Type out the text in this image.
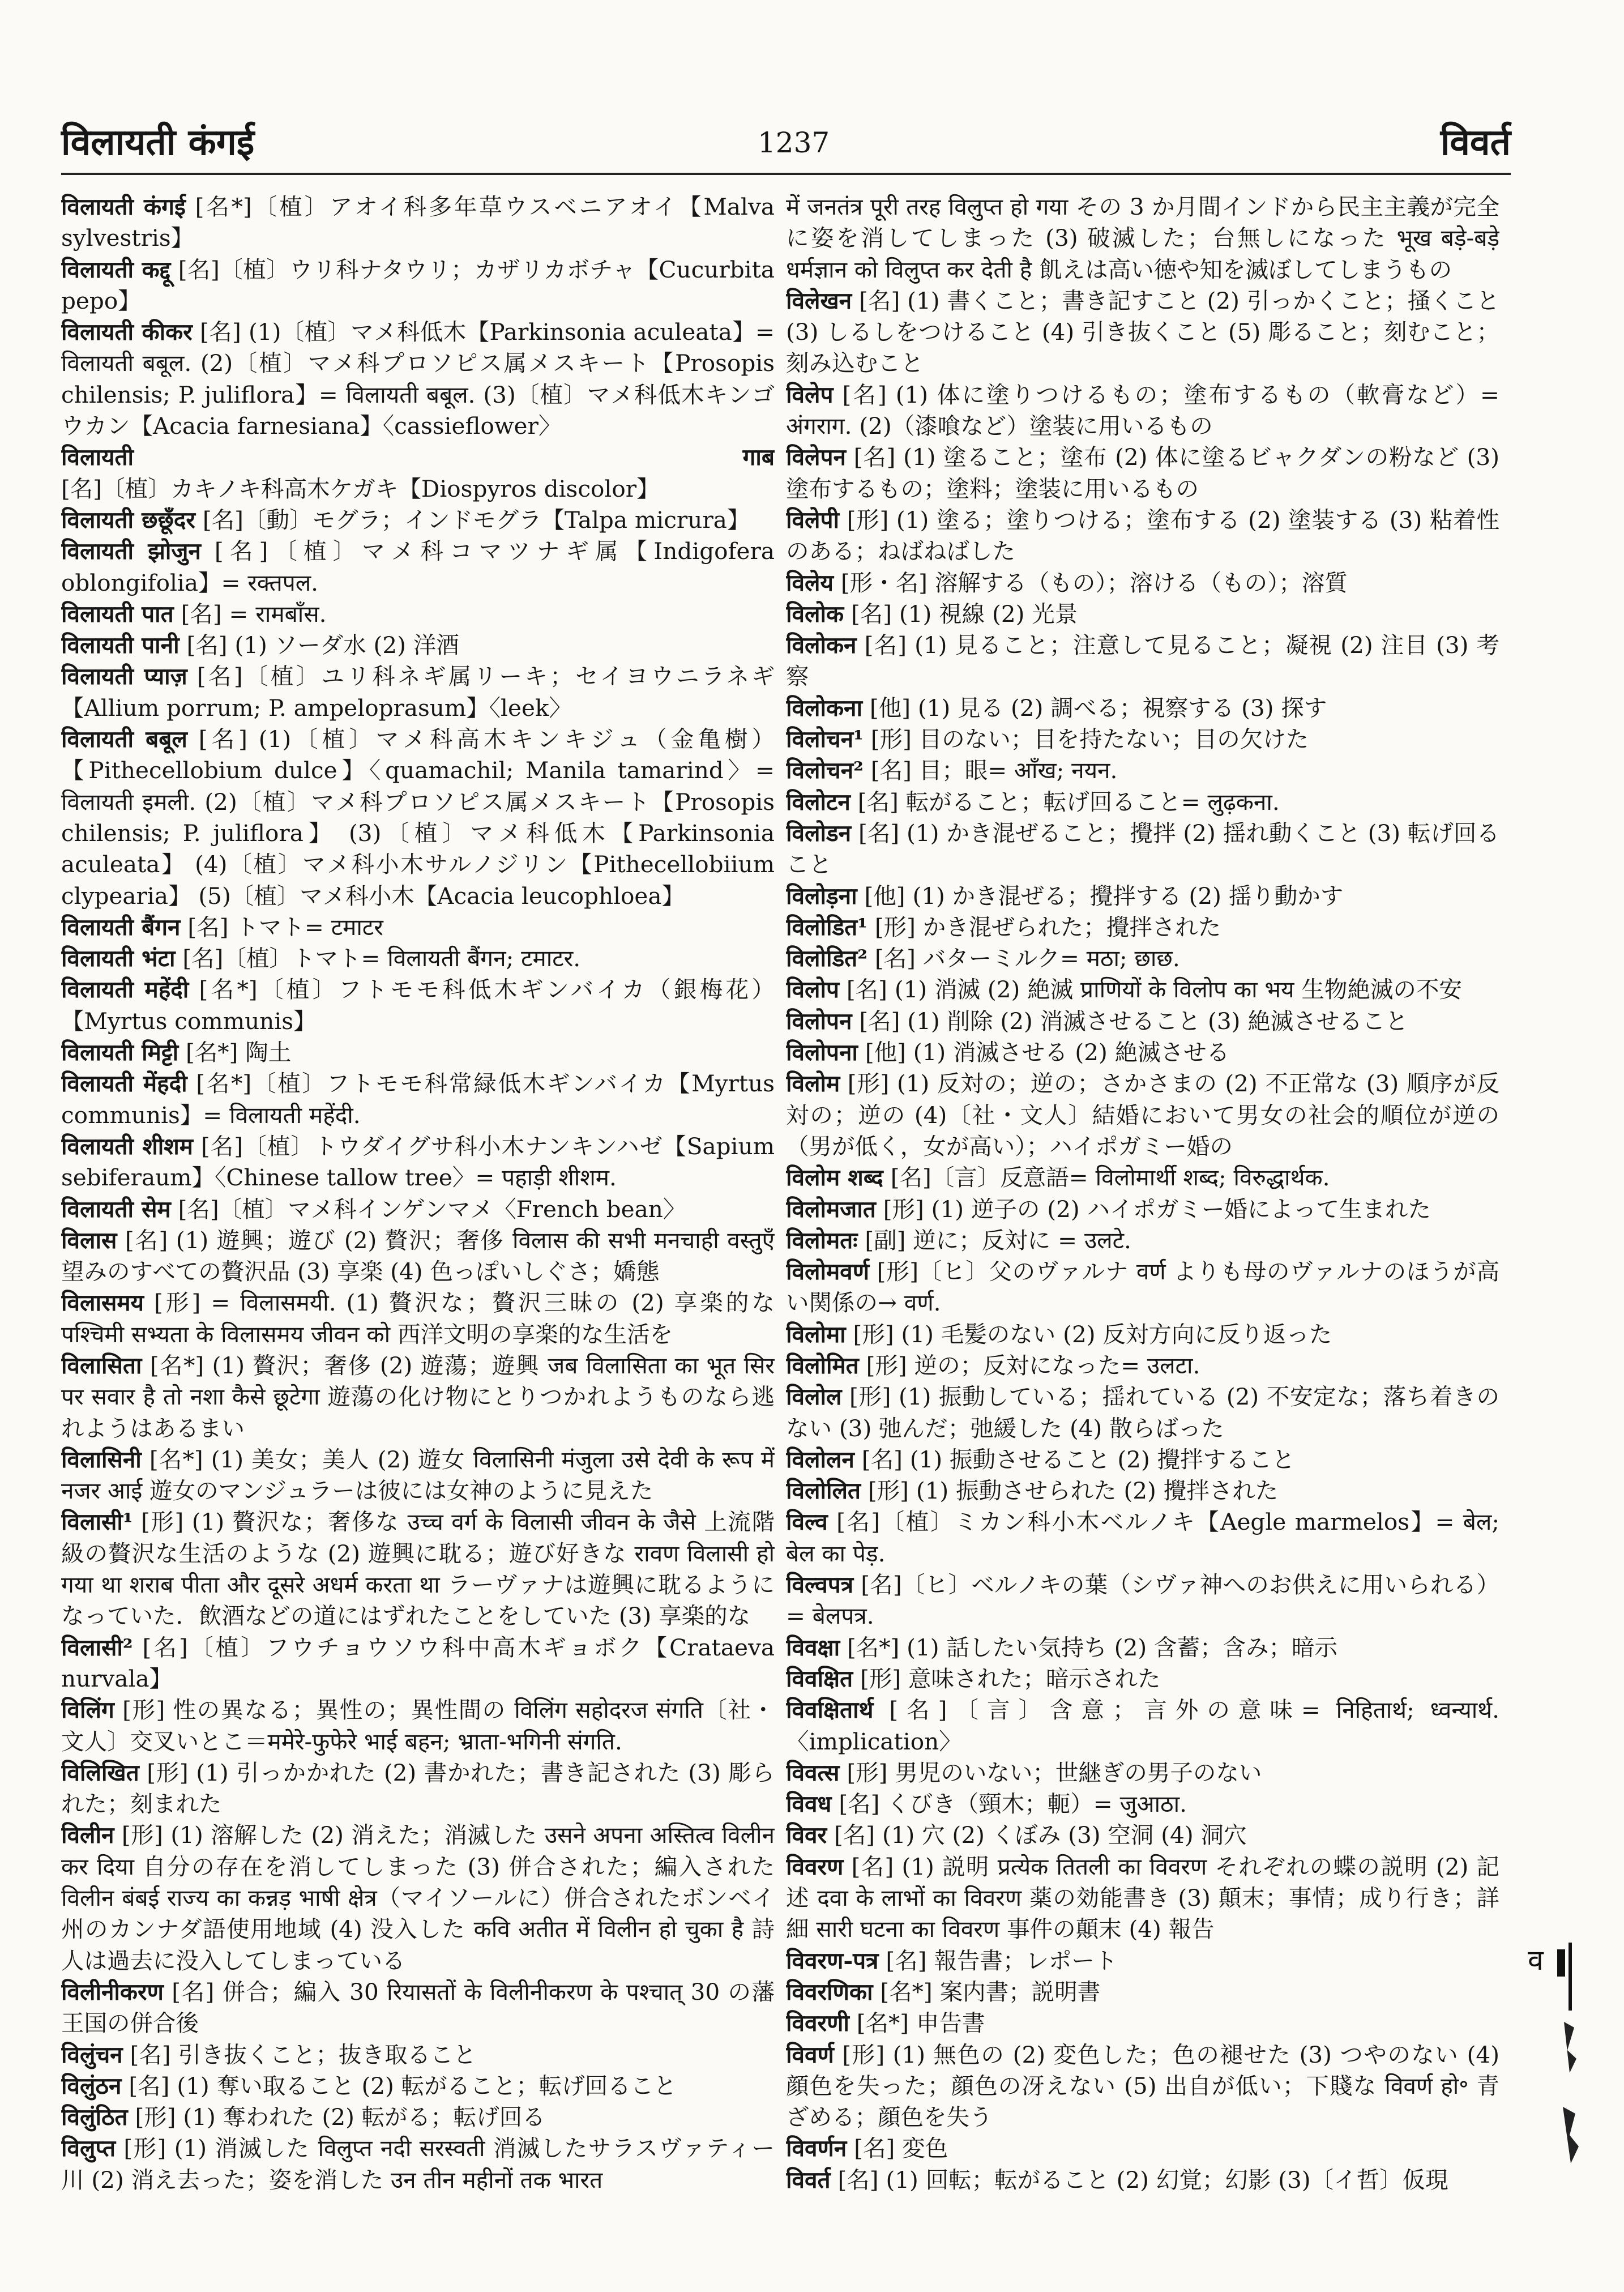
विलायती कंगई	1237	विवर्त

विलायती कंगई [名*]〔植〕アオイ科多年草ウスベニアオイ【Malva sylvestris】

विलायती कद्दू [名]〔植〕ウリ科ナタウリ；カザリカボチャ【Cucurbita pepo】

विलायती कीकर [名] (1)〔植〕マメ科低木【Parkinsonia aculeata】= विलायती बबूल. (2)〔植〕マメ科プロソピス属メスキート【Prosopis chilensis; P. juliflora】= विलायती बबूल. (3)〔植〕マメ科低木キンゴウカン【Acacia farnesiana】〈cassieflower〉

विलायती गाब [名]〔植〕カキノキ科高木ケガキ【Diospyros discolor】

विलायती छछूँदर [名]〔動〕モグラ；インドモグラ【Talpa micrura】

विलायती झोजुन [名]〔植〕マメ科コマツナギ属【Indigofera oblongifolia】= रक्तपल.

विलायती पात [名] = रामबाँस.

विलायती पानी [名] (1) ソーダ水 (2) 洋酒

विलायती प्याज़ [名]〔植〕ユリ科ネギ属リーキ；セイヨウニラネギ【Allium porrum; P. ampeloprasum】〈leek〉

विलायती बबूल [名] (1)〔植〕マメ科高木キンキジュ（金亀樹）【Pithecellobium dulce】〈quamachil; Manila tamarind〉= विलायती इमली. (2)〔植〕マメ科プロソピス属メスキート【Prosopis chilensis; P. juliflora】 (3)〔植〕マメ科低木【Parkinsonia aculeata】 (4)〔植〕マメ科小木サルノジリン【Pithecellobiium clypearia】 (5)〔植〕マメ科小木【Acacia leucophloea】

विलायती बैंगन [名] トマト= टमाटर

विलायती भंटा [名]〔植〕トマト= विलायती बैंगन; टमाटर.

विलायती महेंदी [名*]〔植〕フトモモ科低木ギンバイカ（銀梅花）【Myrtus communis】

विलायती मिट्टी [名*] 陶土

विलायती मेंहदी [名*]〔植〕フトモモ科常緑低木ギンバイカ【Myrtus communis】= विलायती महेंदी.

विलायती शीशम [名]〔植〕トウダイグサ科小木ナンキンハゼ【Sapium sebiferaum】〈Chinese tallow tree〉= पहाड़ी शीशम.

विलायती सेम [名]〔植〕マメ科インゲンマメ〈French bean〉

विलास [名] (1) 遊興；遊び (2) 贅沢；奢侈 विलास की सभी मनचाही वस्तुएँ 望みのすべての贅沢品 (3) 享楽 (4) 色っぽいしぐさ；嬌態

विलासमय [形] = विलासमयी. (1) 贅沢な；贅沢三昧の (2) 享楽的な पश्चिमी सभ्यता के विलासमय जीवन को 西洋文明の享楽的な生活を

विलासिता [名*] (1) 贅沢；奢侈 (2) 遊蕩；遊興 जब विलासिता का भूत सिर पर सवार है तो नशा कैसे छूटेगा 遊蕩の化け物にとりつかれようものなら逃れようはあるまい

विलासिनी [名*] (1) 美女；美人 (2) 遊女 विलासिनी मंजुला उसे देवी के रूप में नजर आई 遊女のマンジュラーは彼には女神のように見えた

विलासी¹ [形] (1) 贅沢な；奢侈な उच्च वर्ग के विलासी जीवन के जैसे 上流階級の贅沢な生活のような (2) 遊興に耽る；遊び好きな रावण विलासी हो गया था शराब पीता और दूसरे अधर्म करता था ラーヴァナは遊興に耽るようになっていた．飲酒などの道にはずれたことをしていた (3) 享楽的な

विलासी² [名]〔植〕フウチョウソウ科中高木ギョボク【Crataeva nurvala】

विलिंग [形] 性の異なる；異性の；異性間の विलिंग सहोदरज संगति〔社・文人〕交叉いとこ＝ममेरे-फुफेरे भाई बहन; भ्राता-भगिनी संगति.

विलिखित [形] (1) 引っかかれた (2) 書かれた；書き記された (3) 彫られた；刻まれた

विलीन [形] (1) 溶解した (2) 消えた；消滅した उसने अपना अस्तित्व विलीन कर दिया 自分の存在を消してしまった (3) 併合された；編入された विलीन बंबई राज्य का कन्नड़ भाषी क्षेत्र（マイソールに）併合されたボンベイ州のカンナダ語使用地域 (4) 没入した कवि अतीत में विलीन हो चुका है 詩人は過去に没入してしまっている

विलीनीकरण [名] 併合；編入 30 रियासतों के विलीनीकरण के पश्चात् 30 の藩王国の併合後

विलुंचन [名] 引き抜くこと；抜き取ること

विलुंठन [名] (1) 奪い取ること (2) 転がること；転げ回ること

विलुंठित [形] (1) 奪われた (2) 転がる；転げ回る

विलुप्त [形] (1) 消滅した विलुप्त नदी सरस्वती 消滅したサラスヴァティー川 (2) 消え去った；姿を消した उन तीन महीनों तक भारत

में जनतंत्र पूरी तरह विलुप्त हो गया その 3 か月間インドから民主主義が完全に姿を消してしまった (3) 破滅した；台無しになった भूख बड़े-बड़े धर्मज्ञान को विलुप्त कर देती है 飢えは高い徳や知を滅ぼしてしまうもの

विलेखन [名] (1) 書くこと；書き記すこと (2) 引っかくこと；掻くこと (3) しるしをつけること (4) 引き抜くこと (5) 彫ること；刻むこと；刻み込むこと

विलेप [名] (1) 体に塗りつけるもの；塗布するもの（軟膏など）= अंगराग. (2)（漆喰など）塗装に用いるもの

विलेपन [名] (1) 塗ること；塗布 (2) 体に塗るビャクダンの粉など (3) 塗布するもの；塗料；塗装に用いるもの

विलेपी [形] (1) 塗る；塗りつける；塗布する (2) 塗装する (3) 粘着性のある；ねばねばした

विलेय [形・名] 溶解する（もの）；溶ける（もの）；溶質

विलोक [名] (1) 視線 (2) 光景

विलोकन [名] (1) 見ること；注意して見ること；凝視 (2) 注目 (3) 考察

विलोकना [他] (1) 見る (2) 調べる；視察する (3) 探す

विलोचन¹ [形] 目のない；目を持たない；目の欠けた

विलोचन² [名] 目；眼= आँख; नयन.

विलोटन [名] 転がること；転げ回ること= लुढ़कना.

विलोडन [名] (1) かき混ぜること；攪拌 (2) 揺れ動くこと (3) 転げ回ること

विलोड़ना [他] (1) かき混ぜる；攪拌する (2) 揺り動かす

विलोडित¹ [形] かき混ぜられた；攪拌された

विलोडित² [名] バターミルク= मठा; छाछ.

विलोप [名] (1) 消滅 (2) 絶滅 प्राणियों के विलोप का भय 生物絶滅の不安

विलोपन [名] (1) 削除 (2) 消滅させること (3) 絶滅させること

विलोपना [他] (1) 消滅させる (2) 絶滅させる

विलोम [形] (1) 反対の；逆の；さかさまの (2) 不正常な (3) 順序が反対の；逆の (4)〔社・文人〕結婚において男女の社会的順位が逆の（男が低く，女が高い）；ハイポガミー婚の

विलोम शब्द [名]〔言〕反意語= विलोमार्थी शब्द; विरुद्धार्थक.

विलोमजात [形] (1) 逆子の (2) ハイポガミー婚によって生まれた

विलोमतः [副] 逆に；反対に = उलटे.

विलोमवर्ण [形]〔ヒ〕父のヴァルナ वर्ण よりも母のヴァルナのほうが高い関係の→ वर्ण.

विलोमा [形] (1) 毛髪のない (2) 反対方向に反り返った

विलोमित [形] 逆の；反対になった= उलटा.

विलोल [形] (1) 振動している；揺れている (2) 不安定な；落ち着きのない (3) 弛んだ；弛緩した (4) 散らばった

विलोलन [名] (1) 振動させること (2) 攪拌すること

विलोलित [形] (1) 振動させられた (2) 攪拌された

विल्व [名]〔植〕ミカン科小木ベルノキ【Aegle marmelos】= बेल; बेल का पेड़.

विल्वपत्र [名]〔ヒ〕ベルノキの葉（シヴァ神へのお供えに用いられる）= बेलपत्र.

विवक्षा [名*] (1) 話したい気持ち (2) 含蓄；含み；暗示

विवक्षित [形] 意味された；暗示された

विवक्षितार्थ [名]〔言〕含意；言外の意味= निहितार्थ; ध्वन्यार्थ. 〈implication〉

विवत्स [形] 男児のいない；世継ぎの男子のない

विवध [名] くびき（頸木；軛）= जुआठा.

विवर [名] (1) 穴 (2) くぼみ (3) 空洞 (4) 洞穴

विवरण [名] (1) 説明 प्रत्येक तितली का विवरण それぞれの蝶の説明 (2) 記述 दवा के लाभों का विवरण 薬の効能書き (3) 顛末；事情；成り行き；詳細 सारी घटना का विवरण 事件の顛末 (4) 報告

विवरण-पत्र [名] 報告書；レポート

विवरणिका [名*] 案内書；説明書

विवरणी [名*] 申告書

विवर्ण [形] (1) 無色の (2) 変色した；色の褪せた (3) つやのない (4) 顔色を失った；顔色の冴えない (5) 出自が低い；下賤な विवर्ण हो॰ 青ざめる；顔色を失う

विवर्णन [名] 変色

विवर्त [名] (1) 回転；転がること (2) 幻覚；幻影 (3)〔イ哲〕仮現

व
